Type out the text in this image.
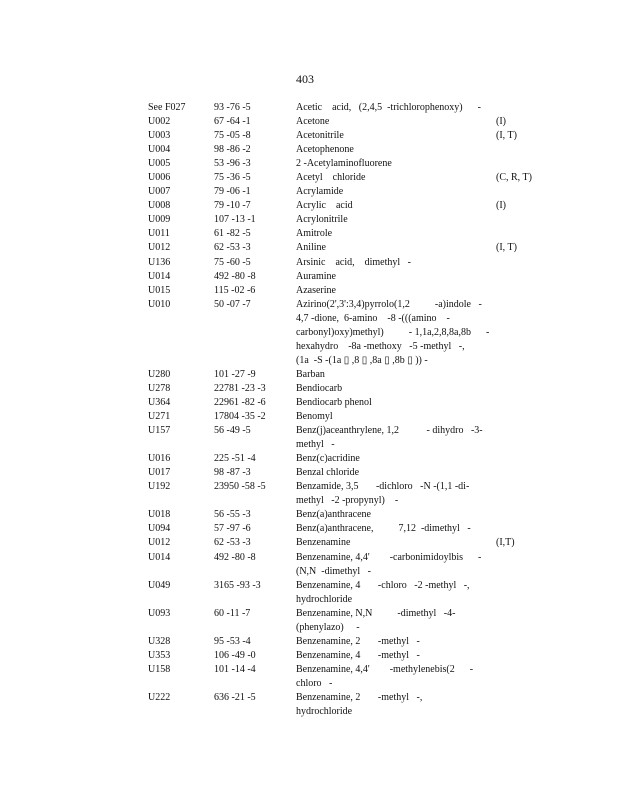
403
See F027	93 -76 -5	Acetic    acid,   (2,4,5  -trichlorophenoxy)      -
U002	67 -64 -1	Acetone	(I)
U003	75 -05 -8	Acetonitrile	(I, T)
U004	98 -86 -2	Acetophenone
U005	53 -96 -3	2 -Acetylaminofluorene
U006	75 -36 -5	Acetyl    chloride	(C, R, T)
U007	79 -06 -1	Acrylamide
U008	79 -10 -7	Acrylic    acid	(I)
U009	107 -13 -1	Acrylonitrile
U011	61 -82 -5	Amitrole
U012	62 -53 -3	Aniline	(I, T)
U136	75 -60 -5	Arsinic    acid,    dimethyl   -
U014	492 -80 -8	Auramine
U015	115 -02 -6	Azaserine
U010	50 -07 -7	Azirino(2',3':3,4)pyrrolo(1,2          -a)indole   -
4,7 -dione,  6-amino    -8 -(((amino    -
carbonyl)oxy)methyl)          - 1,1a,2,8,8a,8b      -
hexahydro    -8a -methoxy   -5 -methyl   -,
(1a  -S -(1a ▯ ,8 ▯ ,8a ▯ ,8b ▯ )) -
U280	101 -27 -9	Barban
U278	22781 -23 -3	Bendiocarb
U364	22961 -82 -6	Bendiocarb phenol
U271	17804 -35 -2	Benomyl
U157	56 -49 -5	Benz(j)aceanthrylene, 1,2           - dihydro   -3-
methyl   -
U016	225 -51 -4	Benz(c)acridine
U017	98 -87 -3	Benzal chloride
U192	23950 -58 -5	Benzamide, 3,5       -dichloro   -N -(1,1 -di-
methyl   -2 -propynyl)    -
U018	56 -55 -3	Benz(a)anthracene
U094	57 -97 -6	Benz(a)anthracene,          7,12  -dimethyl   -
U012	62 -53 -3	Benzenamine	(I,T)
U014	492 -80 -8	Benzenamine, 4,4'        -carbonimidoylbis      -
(N,N  -dimethyl   -
U049	3165 -93 -3	Benzenamine, 4       -chloro   -2 -methyl   -,
hydrochloride
U093	60 -11 -7	Benzenamine, N,N          -dimethyl   -4-
(phenylazo)     -
U328	95 -53 -4	Benzenamine, 2       -methyl   -
U353	106 -49 -0	Benzenamine, 4       -methyl   -
U158	101 -14 -4	Benzenamine, 4,4'        -methylenebis(2      -
chloro   -
U222	636 -21 -5	Benzenamine, 2       -methyl   -,
hydrochloride
